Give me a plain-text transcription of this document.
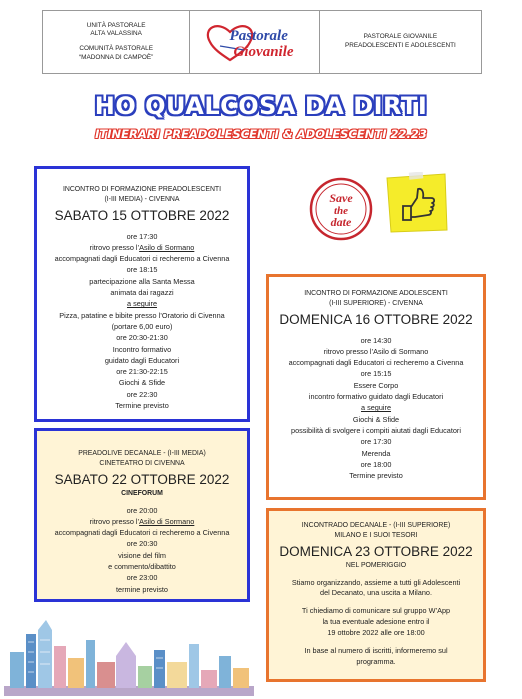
UNITÀ PASTORALE
ALTA VALASSINA
COMUNITÀ PASTORALE
“MADONNA DI CAMPOÈ”
Pastorale
Giovanile
PASTORALE GIOVANILE
PREADOLESCENTI E ADOLESCENTI
HO QUALCOSA DA DIRTI
ITINERARI PREADOLESCENTI & ADOLESCENTI 22.23
Save
the
date

INCONTRO DI FORMAZIONE PREADOLESCENTI

(I-III MEDIA) - CIVENNA

SABATO 15 OTTOBRE 2022

ore 17:30

ritrovo presso l’Asilo di Sormano

accompagnati dagli Educatori ci recheremo a Civenna

ore 18:15

partecipazione alla Santa Messa

animata dai ragazzi

a seguire

Pizza, patatine e bibite presso l’Oratorio di Civenna

(portare 6,00 euro)

ore 20:30-21:30

Incontro formativo

guidato dagli Educatori

ore 21:30-22:15

Giochi & Sfide

ore 22:30

Termine previsto

INCONTRO DI FORMAZIONE ADOLESCENTI

(I-III SUPERIORE) - CIVENNA

DOMENICA 16 OTTOBRE 2022

ore 14:30

ritrovo presso l’Asilo di Sormano

accompagnati dagli Educatori ci recheremo a Civenna

ore 15:15

Essere Corpo

incontro formativo guidato dagli Educatori

a seguire

Giochi & Sfide

possibilità di svolgere i compiti aiutati dagli Educatori

ore 17:30

Merenda

ore 18:00

Termine previsto

PREADOLIVE DECANALE - (I-III MEDIA)

CINETEATRO DI CIVENNA

SABATO 22 OTTOBRE 2022

CINEFORUM

ore 20:00

ritrovo presso l’Asilo di Sormano

accompagnati dagli Educatori ci recheremo a Civenna

ore 20:30

visione del film

e commento/dibattito

ore 23:00

termine previsto

INCONTRADO DECANALE - (I-III SUPERIORE)

MILANO E I SUOI TESORI

DOMENICA 23 OTTOBRE 2022

NEL POMERIGGIO

Stiamo organizzando, assieme a tutti gli Adolescenti

del Decanato, una uscita a Milano.

Ti chiediamo di comunicare sul gruppo W’App

la tua eventuale adesione entro il

19 ottobre 2022 alle ore 18:00

In base al numero di iscritti, informeremo sul

programma.
